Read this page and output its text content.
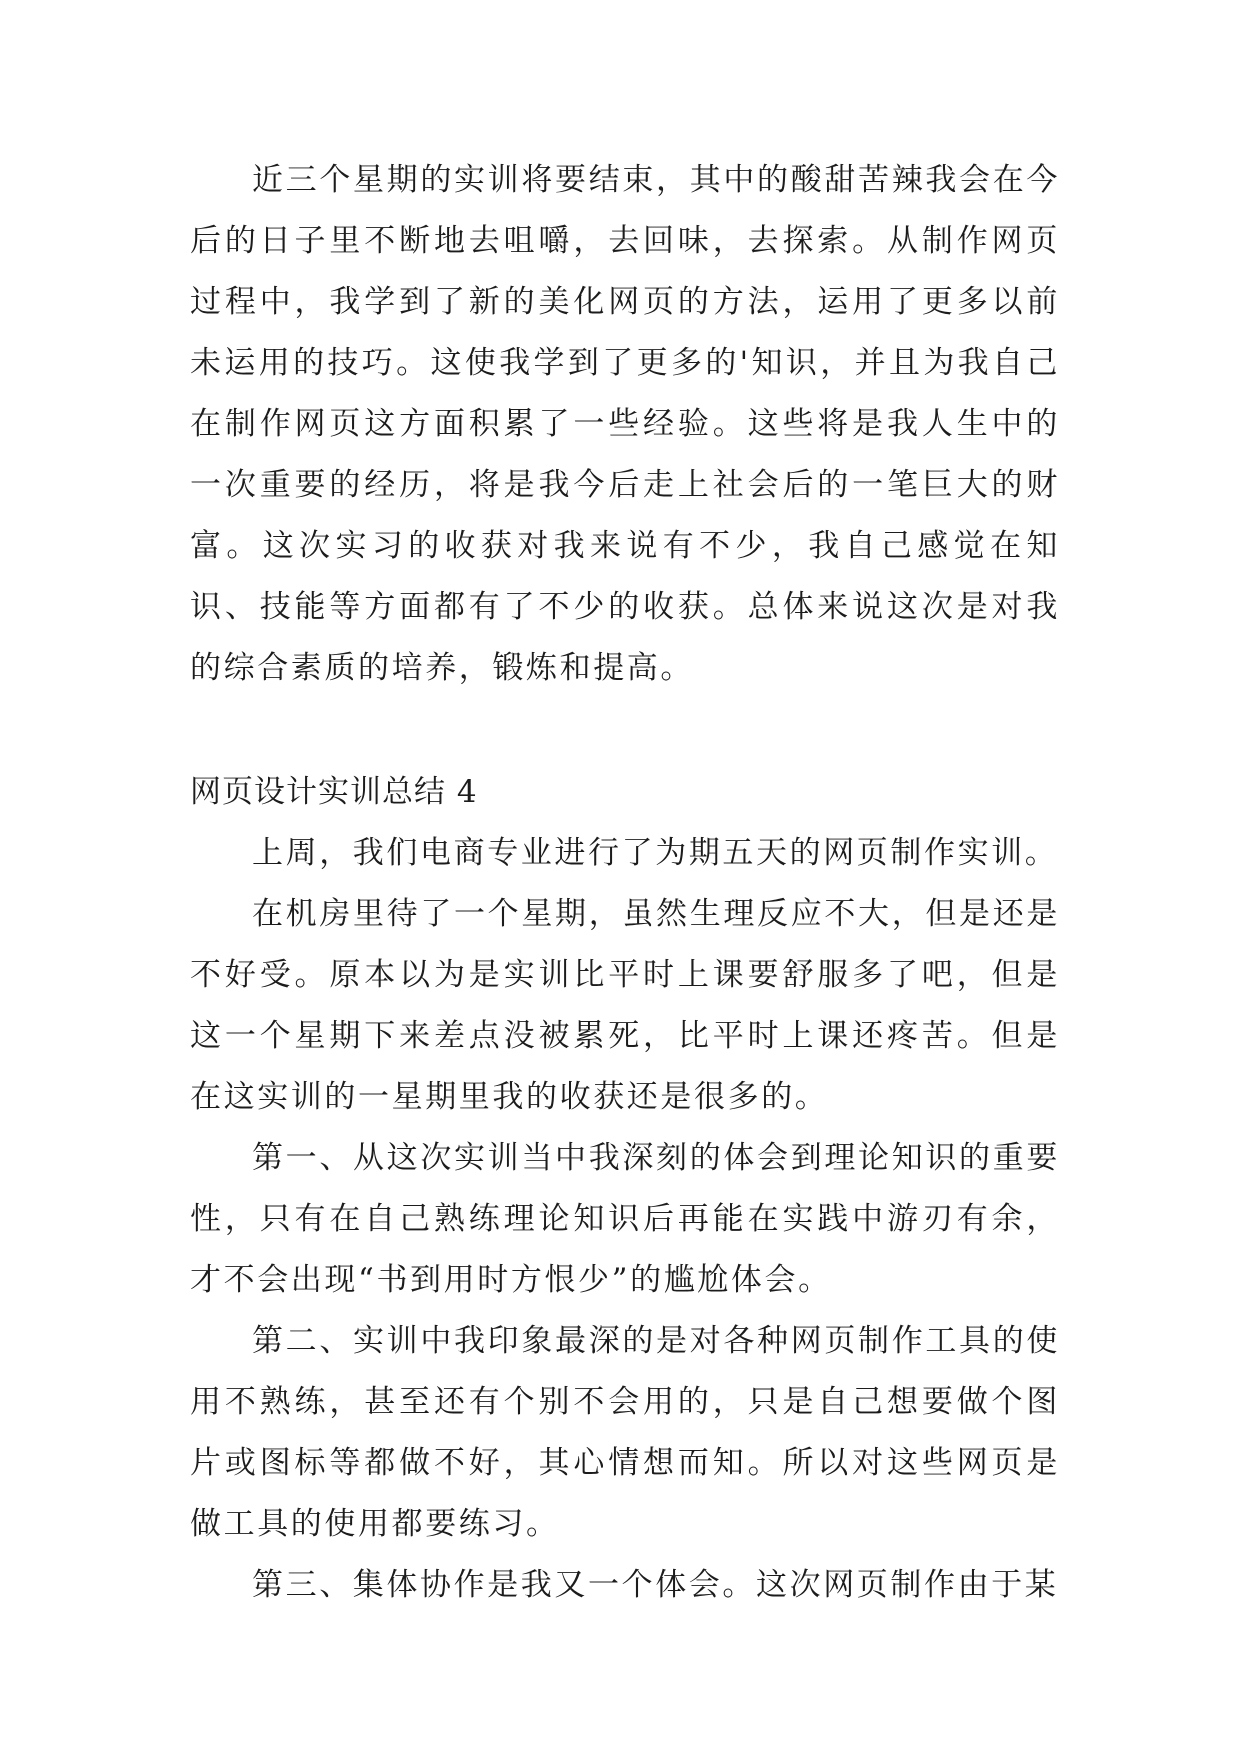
近三个星期的实训将要结束，其中的酸甜苦辣我会在今后的日子里不断地去咀嚼，去回味，去探索。从制作网页过程中，我学到了新的美化网页的方法，运用了更多以前未运用的技巧。这使我学到了更多的'知识，并且为我自己在制作网页这方面积累了一些经验。这些将是我人生中的一次重要的经历，将是我今后走上社会后的一笔巨大的财富。这次实习的收获对我来说有不少，我自己感觉在知识、技能等方面都有了不少的收获。总体来说这次是对我的综合素质的培养，锻炼和提高。

网页设计实训总结 4

上周，我们电商专业进行了为期五天的网页制作实训。

在机房里待了一个星期，虽然生理反应不大，但是还是不好受。原本以为是实训比平时上课要舒服多了吧，但是这一个星期下来差点没被累死，比平时上课还疼苦。但是在这实训的一星期里我的收获还是很多的。

第一、从这次实训当中我深刻的体会到理论知识的重要性，只有在自己熟练理论知识后再能在实践中游刃有余，才不会出现“书到用时方恨少”的尴尬体会。

第二、实训中我印象最深的是对各种网页制作工具的使用不熟练，甚至还有个别不会用的，只是自己想要做个图片或图标等都做不好，其心情想而知。所以对这些网页是做工具的使用都要练习。

第三、集体协作是我又一个体会。这次网页制作由于某
